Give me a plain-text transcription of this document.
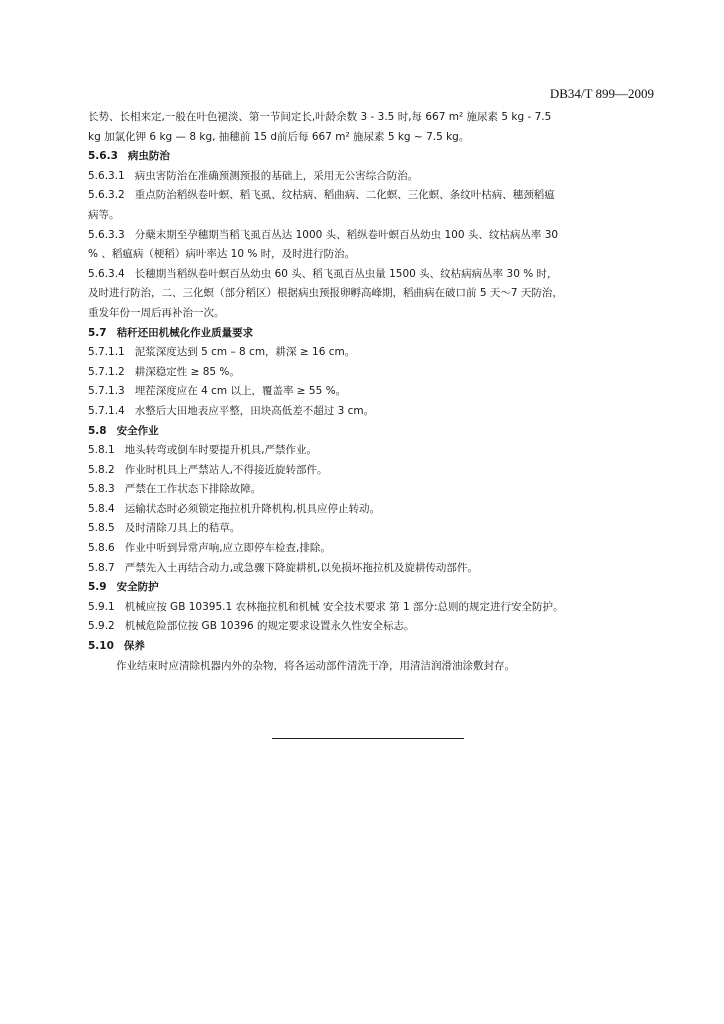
DB34/T 899—2009
长势、长相来定,一般在叶色褪淡、第一节间定长,叶龄余数 3 - 3.5 时,每 667 m² 施尿素 5 kg - 7.5
kg 加氯化钾 6 kg — 8 kg, 抽穗前 15 d前后每 667 m² 施尿素 5 kg ~ 7.5 kg。
5.6.3 病虫防治
5.6.3.1 病虫害防治在准确预测预报的基础上，采用无公害综合防治。
5.6.3.2 重点防治稻纵卷叶螟、稻飞虱、纹枯病、稻曲病、二化螟、三化螟、条纹叶枯病、穗颈稻瘟
病等。
5.6.3.3 分蘖末期至孕穗期当稻飞虱百丛达 1000 头、稻纵卷叶螟百丛幼虫 100 头、纹枯病丛率 30
% 、稻瘟病（梗稻）病叶率达 10 % 时，及时进行防治。
5.6.3.4 长穗期当稻纵卷叶螟百丛幼虫 60 头、稻飞虱百丛虫量 1500 头、纹枯病病丛率 30 % 时，
及时进行防治，二、三化螟（部分稻区）根据病虫预报卵孵高峰期，稻曲病在破口前 5 天～7 天防治，
重发年份一周后再补治一次。
5.7 秸秆还田机械化作业质量要求
5.7.1.1 泥浆深度达到 5 cm – 8 cm，耕深 ≥ 16 cm。
5.7.1.2 耕深稳定性 ≥ 85 %。
5.7.1.3 埋茬深度应在 4 cm 以上，覆盖率 ≥ 55 %。
5.7.1.4 水整后大田地表应平整，田块高低差不超过 3 cm。
5.8 安全作业
5.8.1 地头转弯或倒车时要提升机具,严禁作业。
5.8.2 作业时机具上严禁站人,不得接近旋转部件。
5.8.3 严禁在工作状态下排除故障。
5.8.4 运输状态时必须锁定拖拉机升降机构,机具应停止转动。
5.8.5 及时清除刀具上的秸草。
5.8.6 作业中听到异常声响,应立即停车检查,排除。
5.8.7 严禁先入土再结合动力,或急骤下降旋耕机,以免损坏拖拉机及旋耕传动部件。
5.9 安全防护
5.9.1 机械应按 GB 10395.1 农林拖拉机和机械 安全技术要求 第 1 部分:总则的规定进行安全防护。
5.9.2 机械危险部位按 GB 10396 的规定要求设置永久性安全标志。
5.10 保养
作业结束时应清除机器内外的杂物，将各运动部件清洗干净，用清洁润滑油涂敷封存。
